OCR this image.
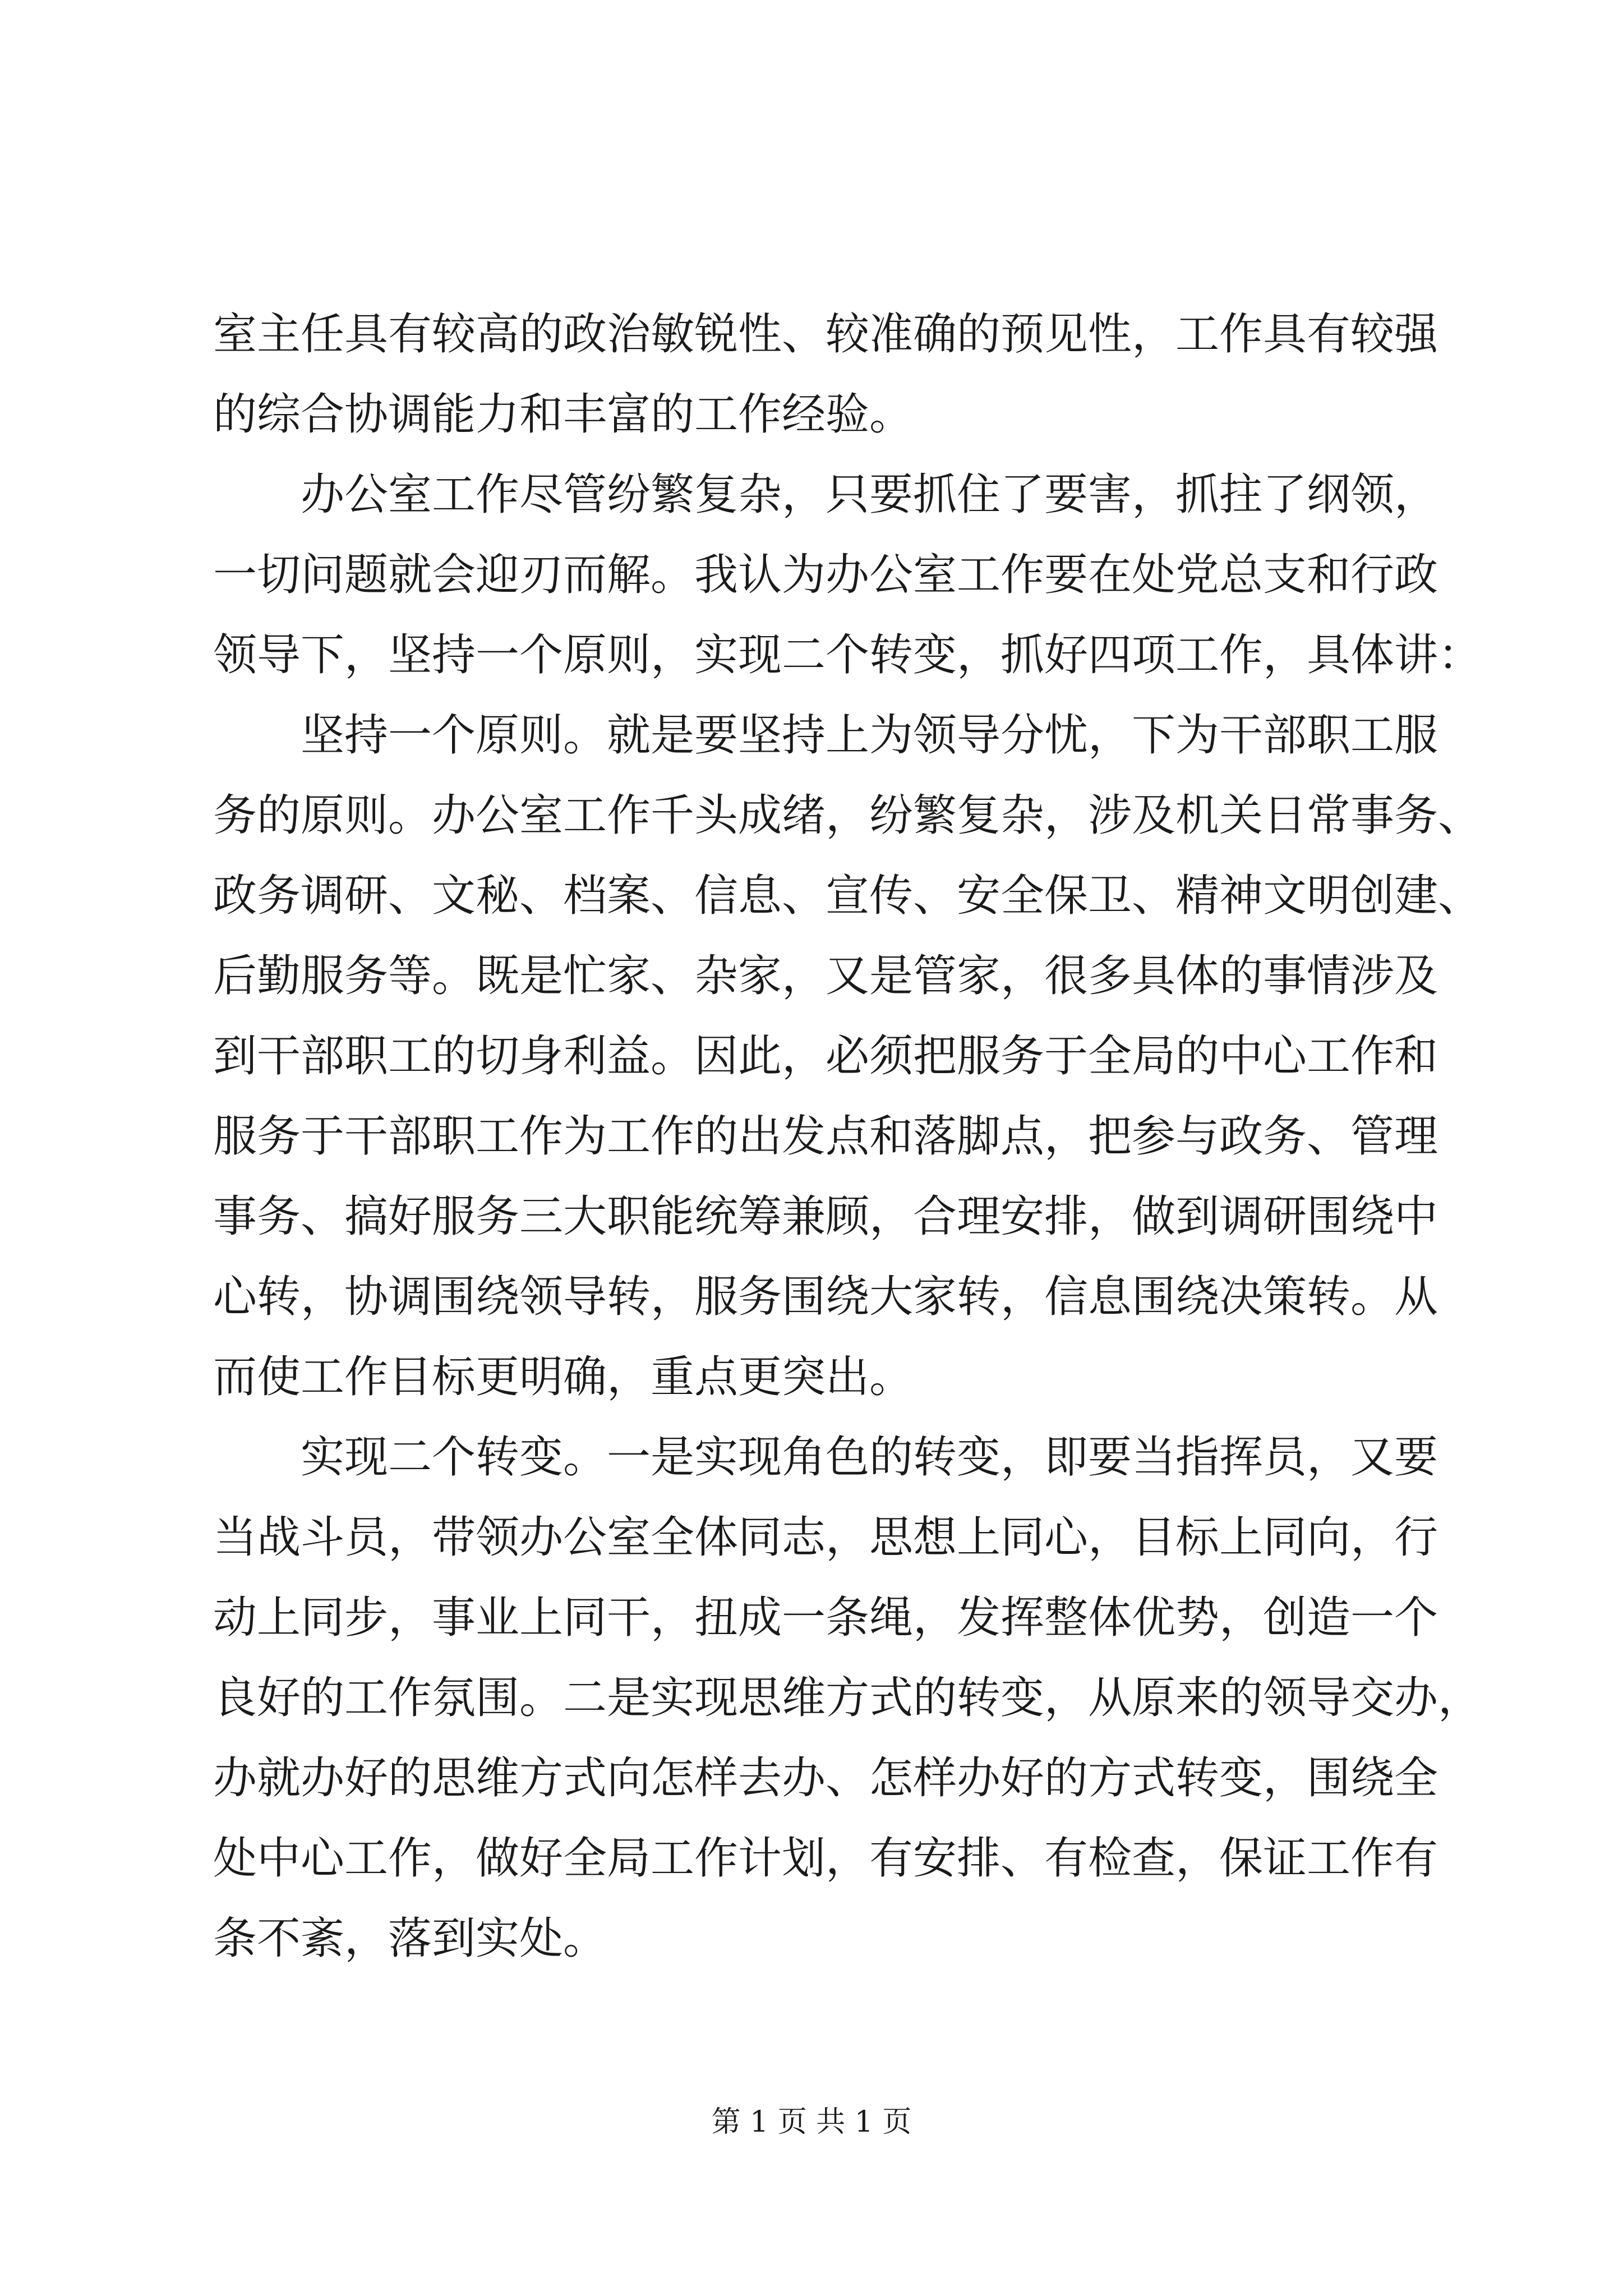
室主任具有较高的政治敏锐性、较准确的预见性，工作具有较强
的综合协调能力和丰富的工作经验。
办公室工作尽管纷繁复杂，只要抓住了要害，抓拄了纲领，
一切问题就会迎刃而解。我认为办公室工作要在处党总支和行政
领导下，坚持一个原则，实现二个转变，抓好四项工作，具体讲：
坚持一个原则。就是要坚持上为领导分忧，下为干部职工服
务的原则。办公室工作千头成绪，纷繁复杂，涉及机关日常事务、
政务调研、文秘、档案、信息、宣传、安全保卫、精神文明创建、
后勤服务等。既是忙家、杂家，又是管家，很多具体的事情涉及
到干部职工的切身利益。因此，必须把服务于全局的中心工作和
服务于干部职工作为工作的出发点和落脚点，把参与政务、管理
事务、搞好服务三大职能统筹兼顾，合理安排，做到调研围绕中
心转，协调围绕领导转，服务围绕大家转，信息围绕决策转。从
而使工作目标更明确，重点更突出。
实现二个转变。一是实现角色的转变，即要当指挥员，又要
当战斗员，带领办公室全体同志，思想上同心，目标上同向，行
动上同步，事业上同干，扭成一条绳，发挥整体优势，创造一个
良好的工作氛围。二是实现思维方式的转变，从原来的领导交办，
办就办好的思维方式向怎样去办、怎样办好的方式转变，围绕全
处中心工作，做好全局工作计划，有安排、有检查，保证工作有
条不紊，落到实处。
第 1 页 共 1 页
